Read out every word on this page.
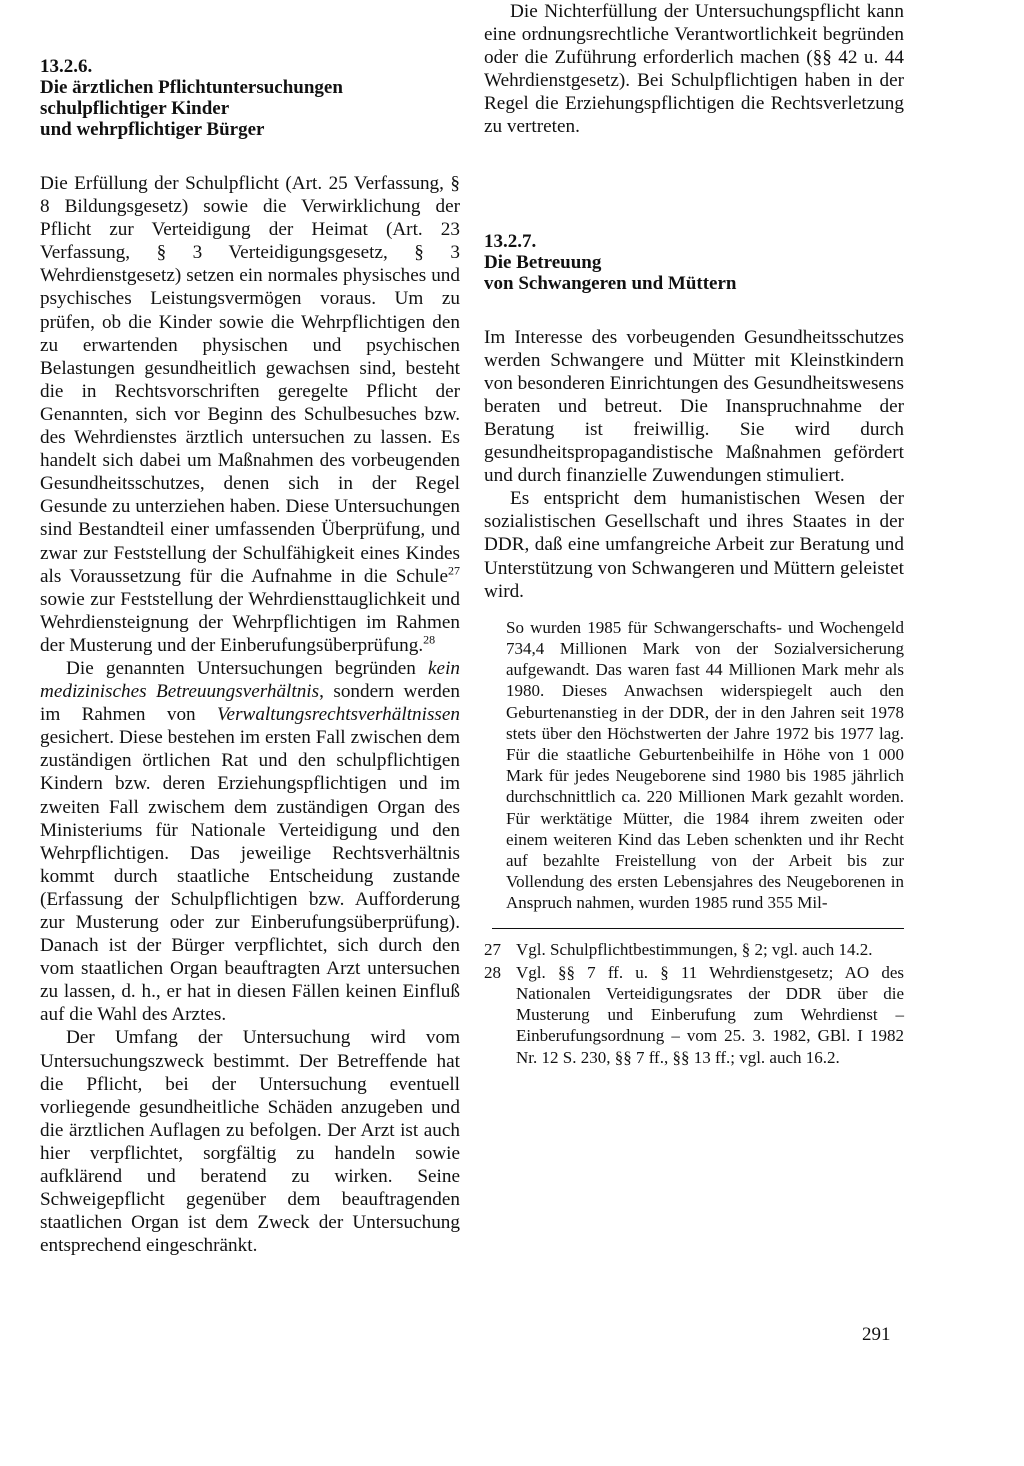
13.2.6.
Die ärztlichen Pflichtuntersuchungen
schulpflichtiger Kinder
und wehrpflichtiger Bürger

Die Erfüllung der Schulpflicht (Art. 25 Verfassung, § 8 Bildungsgesetz) sowie die Verwirklichung der Pflicht zur Verteidigung der Heimat (Art. 23 Verfassung, § 3 Verteidigungsgesetz, § 3 Wehrdienstgesetz) setzen ein normales physisches und psychisches Leistungsvermögen voraus. Um zu prüfen, ob die Kinder sowie die Wehrpflichtigen den zu erwartenden physischen und psychischen Belastungen gesundheitlich gewachsen sind, besteht die in Rechtsvorschriften geregelte Pflicht der Genannten, sich vor Beginn des Schulbesuches bzw. des Wehrdienstes ärztlich untersuchen zu lassen. Es handelt sich dabei um Maßnahmen des vorbeugenden Gesundheitsschutzes, denen sich in der Regel Gesunde zu unterziehen haben. Diese Untersuchungen sind Bestandteil einer umfassenden Überprüfung, und zwar zur Feststellung der Schulfähigkeit eines Kindes als Voraussetzung für die Aufnahme in die Schule$^{27}$ sowie zur Feststellung der Wehrdiensttauglichkeit und Wehrdiensteignung der Wehrpflichtigen im Rahmen der Musterung und der Einberufungsüberprüfung.$^{28}$

Die genannten Untersuchungen begründen kein medizinisches Betreuungsverhältnis, sondern werden im Rahmen von Verwaltungsrechtsverhältnissen gesichert. Diese bestehen im ersten Fall zwischen dem zuständigen örtlichen Rat und den schulpflichtigen Kindern bzw. deren Erziehungspflichtigen und im zweiten Fall zwischem dem zuständigen Organ des Ministeriums für Nationale Verteidigung und den Wehrpflichtigen. Das jeweilige Rechtsverhältnis kommt durch staatliche Entscheidung zustande (Erfassung der Schulpflichtigen bzw. Aufforderung zur Musterung oder zur Einberufungsüberprüfung). Danach ist der Bürger verpflichtet, sich durch den vom staatlichen Organ beauftragten Arzt untersuchen zu lassen, d. h., er hat in diesen Fällen keinen Einfluß auf die Wahl des Arztes.

Der Umfang der Untersuchung wird vom Untersuchungszweck bestimmt. Der Betreffende hat die Pflicht, bei der Untersuchung eventuell vorliegende gesundheitliche Schäden anzugeben und die ärztlichen Auflagen zu befolgen. Der Arzt ist auch hier verpflichtet, sorgfältig zu handeln sowie aufklärend und beratend zu wirken. Seine Schweigepflicht gegenüber dem beauftragenden staatlichen Organ ist dem Zweck der Untersuchung entsprechend eingeschränkt.

Die Nichterfüllung der Untersuchungspflicht kann eine ordnungsrechtliche Verantwortlichkeit begründen oder die Zuführung erforderlich machen (§§ 42 u. 44 Wehrdienstgesetz). Bei Schulpflichtigen haben in der Regel die Erziehungspflichtigen die Rechtsverletzung zu vertreten.

13.2.7.
Die Betreuung
von Schwangeren und Müttern

Im Interesse des vorbeugenden Gesundheitsschutzes werden Schwangere und Mütter mit Kleinstkindern von besonderen Einrichtungen des Gesundheitswesens beraten und betreut. Die Inanspruchnahme der Beratung ist freiwillig. Sie wird durch gesundheitspropagandistische Maßnahmen gefördert und durch finanzielle Zuwendungen stimuliert.

Es entspricht dem humanistischen Wesen der sozialistischen Gesellschaft und ihres Staates in der DDR, daß eine umfangreiche Arbeit zur Beratung und Unterstützung von Schwangeren und Müttern geleistet wird.

So wurden 1985 für Schwangerschafts- und Wochengeld 734,4 Millionen Mark von der Sozialversicherung aufgewandt. Das waren fast 44 Millionen Mark mehr als 1980. Dieses Anwachsen widerspiegelt auch den Geburtenanstieg in der DDR, der in den Jahren seit 1978 stets über den Höchstwerten der Jahre 1972 bis 1977 lag. Für die staatliche Geburtenbeihilfe in Höhe von 1 000 Mark für jedes Neugeborene sind 1980 bis 1985 jährlich durchschnittlich ca. 220 Millionen Mark gezahlt worden. Für werktätige Mütter, die 1984 ihrem zweiten oder einem weiteren Kind das Leben schenkten und ihr Recht auf bezahlte Freistellung von der Arbeit bis zur Vollendung des ersten Lebensjahres des Neugeborenen in Anspruch nahmen, wurden 1985 rund 355 Mil-

27 Vgl. Schulpflichtbestimmungen, § 2; vgl. auch 14.2.
28 Vgl. §§ 7 ff. u. § 11 Wehrdienstgesetz; AO des Nationalen Verteidigungsrates der DDR über die Musterung und Einberufung zum Wehrdienst – Einberufungsordnung – vom 25. 3. 1982, GBl. I 1982 Nr. 12 S. 230, §§ 7 ff., §§ 13 ff.; vgl. auch 16.2.
291
